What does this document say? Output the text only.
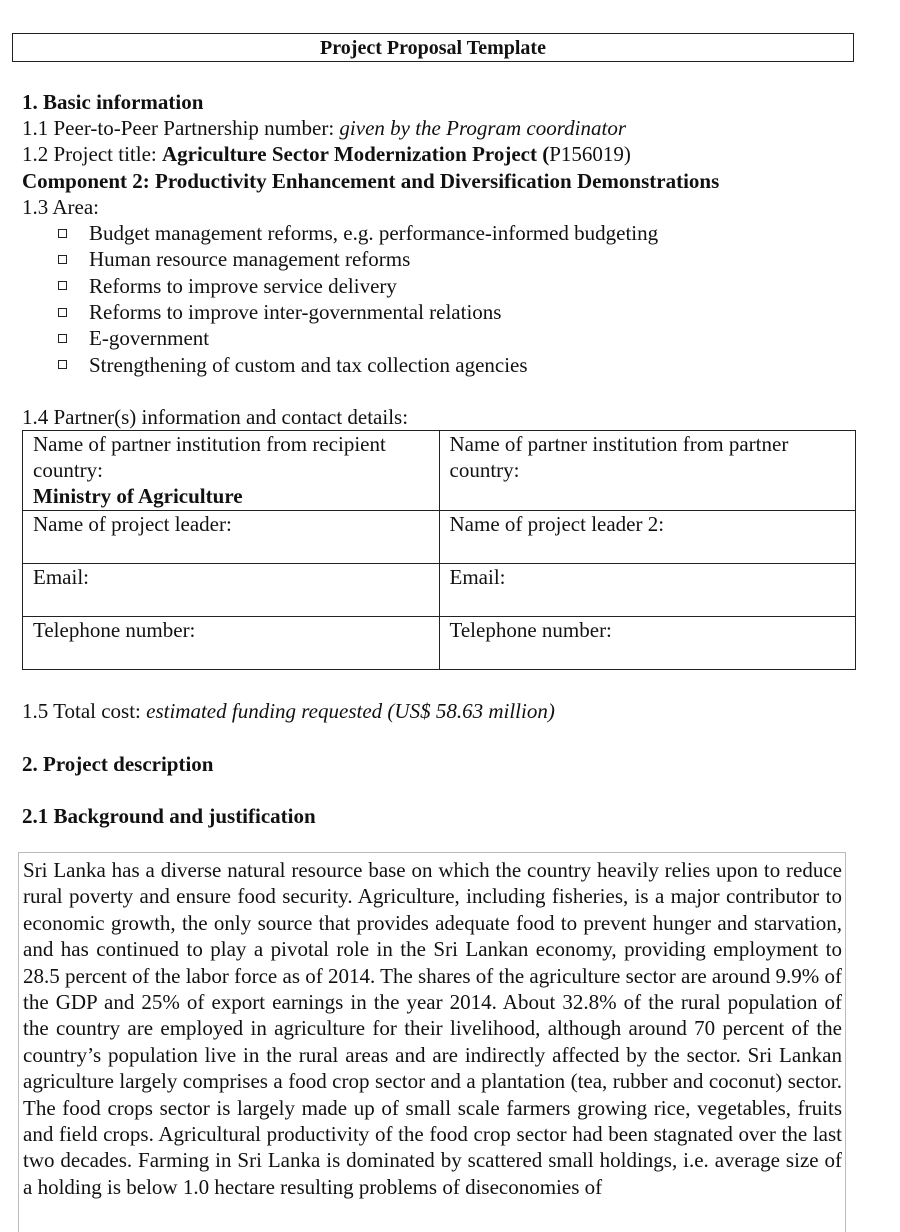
Project Proposal Template
1. Basic information
1.1 Peer-to-Peer Partnership number: given by the Program coordinator
1.2 Project title: Agriculture Sector Modernization Project (P156019)
Component 2: Productivity Enhancement and Diversification Demonstrations
1.3 Area:
Budget management reforms, e.g. performance-informed budgeting
Human resource management reforms
Reforms to improve service delivery
Reforms to improve inter-governmental relations
E-government
Strengthening of custom and tax collection agencies
1.4 Partner(s) information and contact details:
Name of partner institution from recipient country:
Ministry of Agriculture	Name of partner institution from partner country:

Name of project leader:	Name of project leader 2:

Email:	Email:

Telephone number:	Telephone number:
1.5 Total cost: estimated funding requested (US$ 58.63 million)
2. Project description
2.1 Background and justification
Sri Lanka has a diverse natural resource base on which the country heavily relies upon to reduce rural poverty and ensure food security. Agriculture, including fisheries, is a major contributor to economic growth, the only source that provides adequate food to prevent hunger and starvation, and has continued to play a pivotal role in the Sri Lankan economy, providing employment to 28.5 percent of the labor force as of 2014. The shares of the agriculture sector are around 9.9% of the GDP and 25% of export earnings in the year 2014. About 32.8% of the rural population of the country are employed in agriculture for their livelihood, although around 70 percent of the country’s population live in the rural areas and are indirectly affected by the sector. Sri Lankan agriculture largely comprises a food crop sector and a plantation (tea, rubber and coconut) sector. The food crops sector is largely made up of small scale farmers growing rice, vegetables, fruits and field crops. Agricultural productivity of the food crop sector had been stagnated over the last two decades. Farming in Sri Lanka is dominated by scattered small holdings, i.e. average size of a holding is below 1.0 hectare resulting problems of diseconomies of
